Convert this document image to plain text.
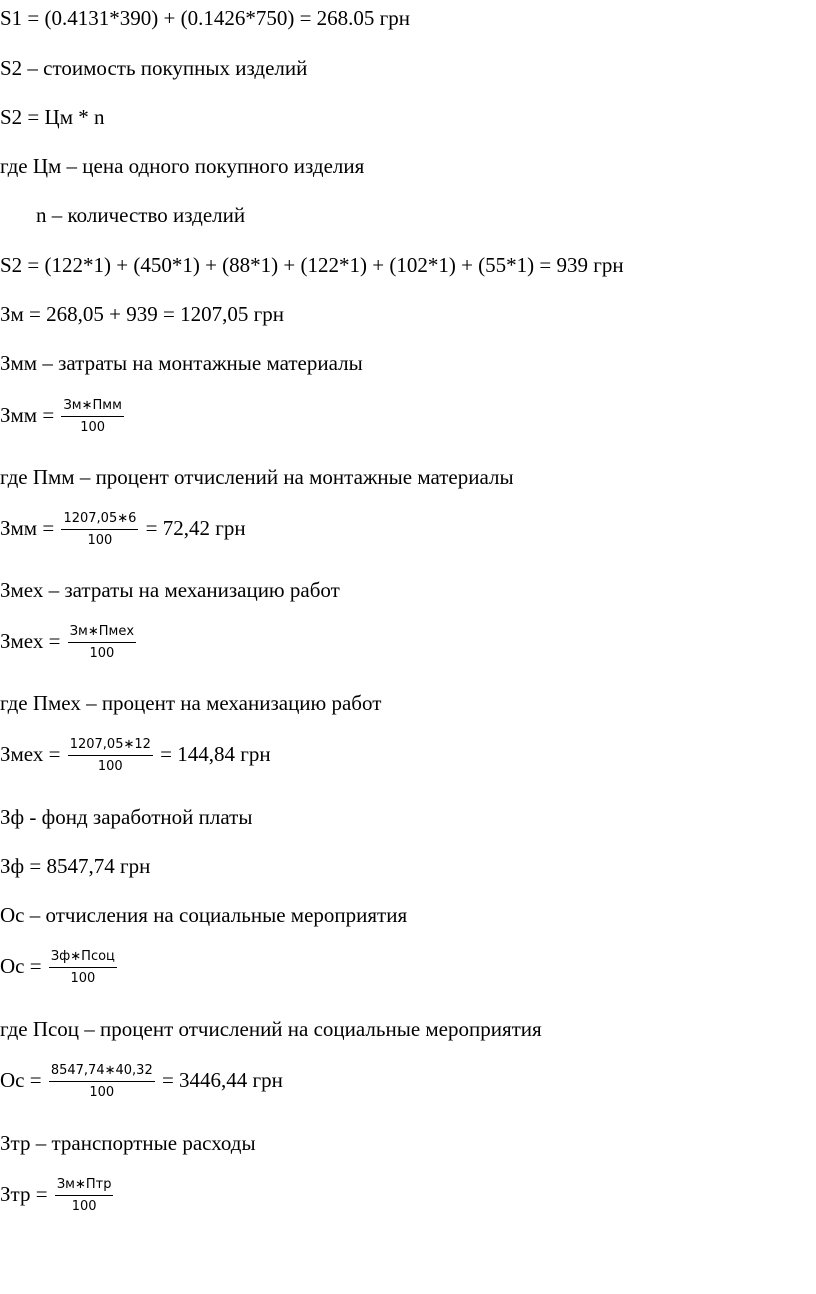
S1 = (0.4131*390) + (0.1426*750) = 268.05 грн
S2 – стоимость покупных изделий
S2 = Цм * n
где Цм – цена одного покупного изделия
n – количество изделий
S2 = (122*1) + (450*1) + (88*1) + (122*1) + (102*1) + (55*1) = 939 грн
Зм = 268,05 + 939 = 1207,05 грн
Змм – затраты на монтажные материалы
Змм = $\frac{\text{Зм∗Пмм}}{100}$
где Пмм – процент отчислений на монтажные материалы
Змм = $\frac{1207,05∗6}{100} = 72,42$ грн
Змех – затраты на механизацию работ
Змех = $\frac{\text{Зм∗Пмех}}{100}$
где Пмех – процент на механизацию работ
Змех = $\frac{1207,05∗12}{100} = 144,84$ грн
Зф - фонд заработной платы
Зф = 8547,74 грн
Ос – отчисления на социальные мероприятия
Ос = $\frac{\text{Зф∗Псоц}}{100}$
где Псоц – процент отчислений на социальные мероприятия
Ос = $\frac{8547,74∗40,32}{100} = 3446,44$ грн
Зтр – транспортные расходы
Зтр = $\frac{\text{Зм∗Птр}}{100}$
